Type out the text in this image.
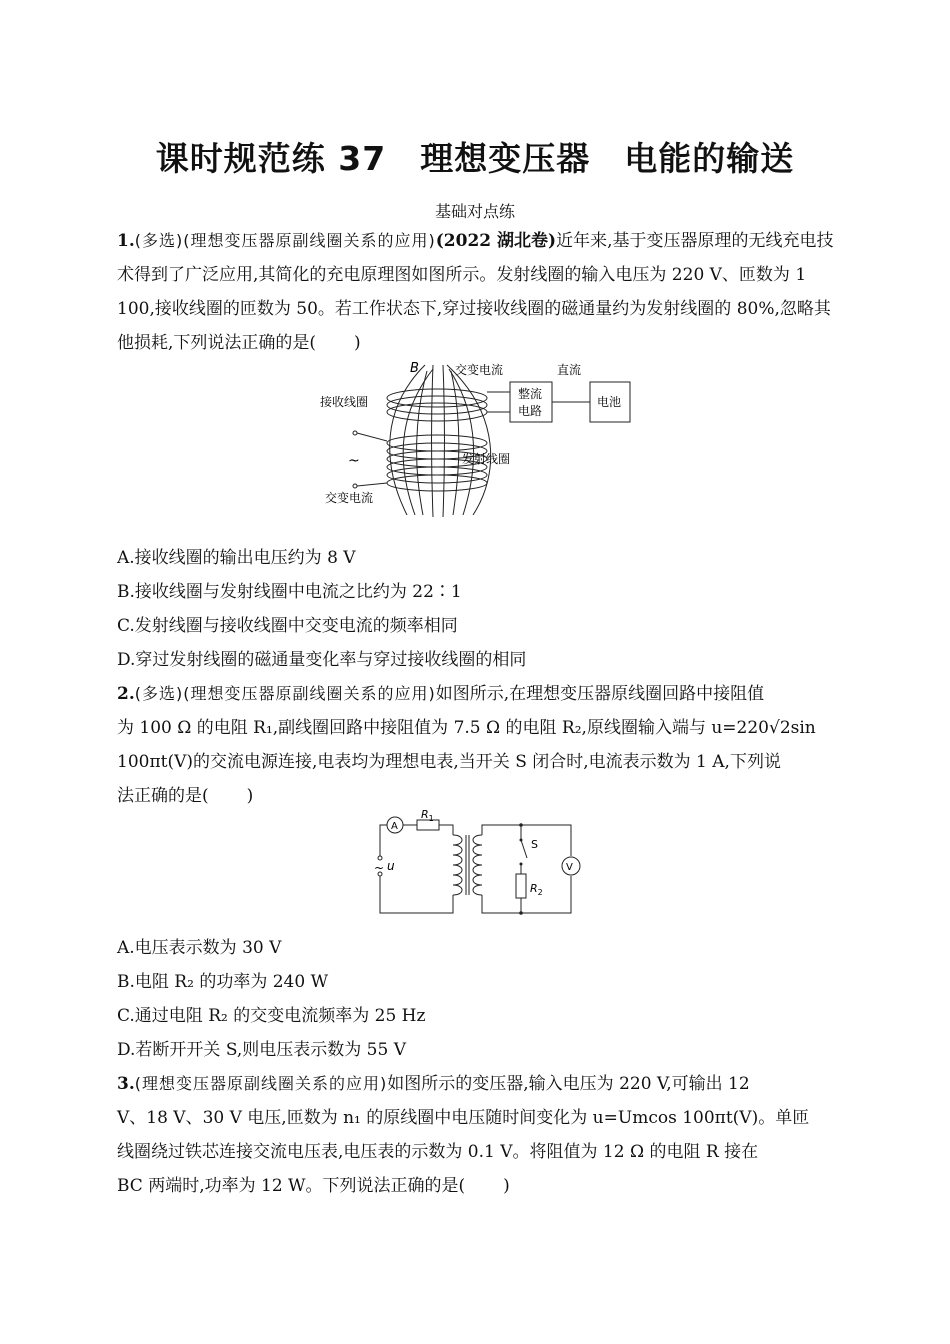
课时规范练 37 理想变压器 电能的输送
基础对点练
1.(多选)(理想变压器原副线圈关系的应用)(2022 湖北卷)近年来,基于变压器原理的无线充电技术得到了广泛应用,其简化的充电原理图如图所示。发射线圈的输入电压为 220 V、匝数为 1 100,接收线圈的匝数为 50。若工作状态下,穿过接收线圈的磁通量约为发射线圈的 80%,忽略其他损耗,下列说法正确的是( )
B	交变电流	直流
整流
电路
电池
接收线圈
~	发射线圈
交变电流
A.接收线圈的输出电压约为 8 V
B.接收线圈与发射线圈中电流之比约为 22∶1
C.发射线圈与接收线圈中交变电流的频率相同
D.穿过发射线圈的磁通量变化率与穿过接收线圈的相同
2.(多选)(理想变压器原副线圈关系的应用)如图所示,在理想变压器原线圈回路中接阻值
为 100 Ω 的电阻 R₁,副线圈回路中接阻值为 7.5 Ω 的电阻 R₂,原线圈输入端与 u=220√2sin
100πt(V)的交流电源连接,电表均为理想电表,当开关 S 闭合时,电流表示数为 1 A,下列说
法正确的是( )
A
V
$R_1$
S
$R_2$
~ u
A.电压表示数为 30 V
B.电阻 R₂ 的功率为 240 W
C.通过电阻 R₂ 的交变电流频率为 25 Hz
D.若断开开关 S,则电压表示数为 55 V
3.(理想变压器原副线圈关系的应用)如图所示的变压器,输入电压为 220 V,可输出 12
V、18 V、30 V 电压,匝数为 n₁ 的原线圈中电压随时间变化为 u=Umcos 100πt(V)。单匝
线圈绕过铁芯连接交流电压表,电压表的示数为 0.1 V。将阻值为 12 Ω 的电阻 R 接在
BC 两端时,功率为 12 W。下列说法正确的是( )
